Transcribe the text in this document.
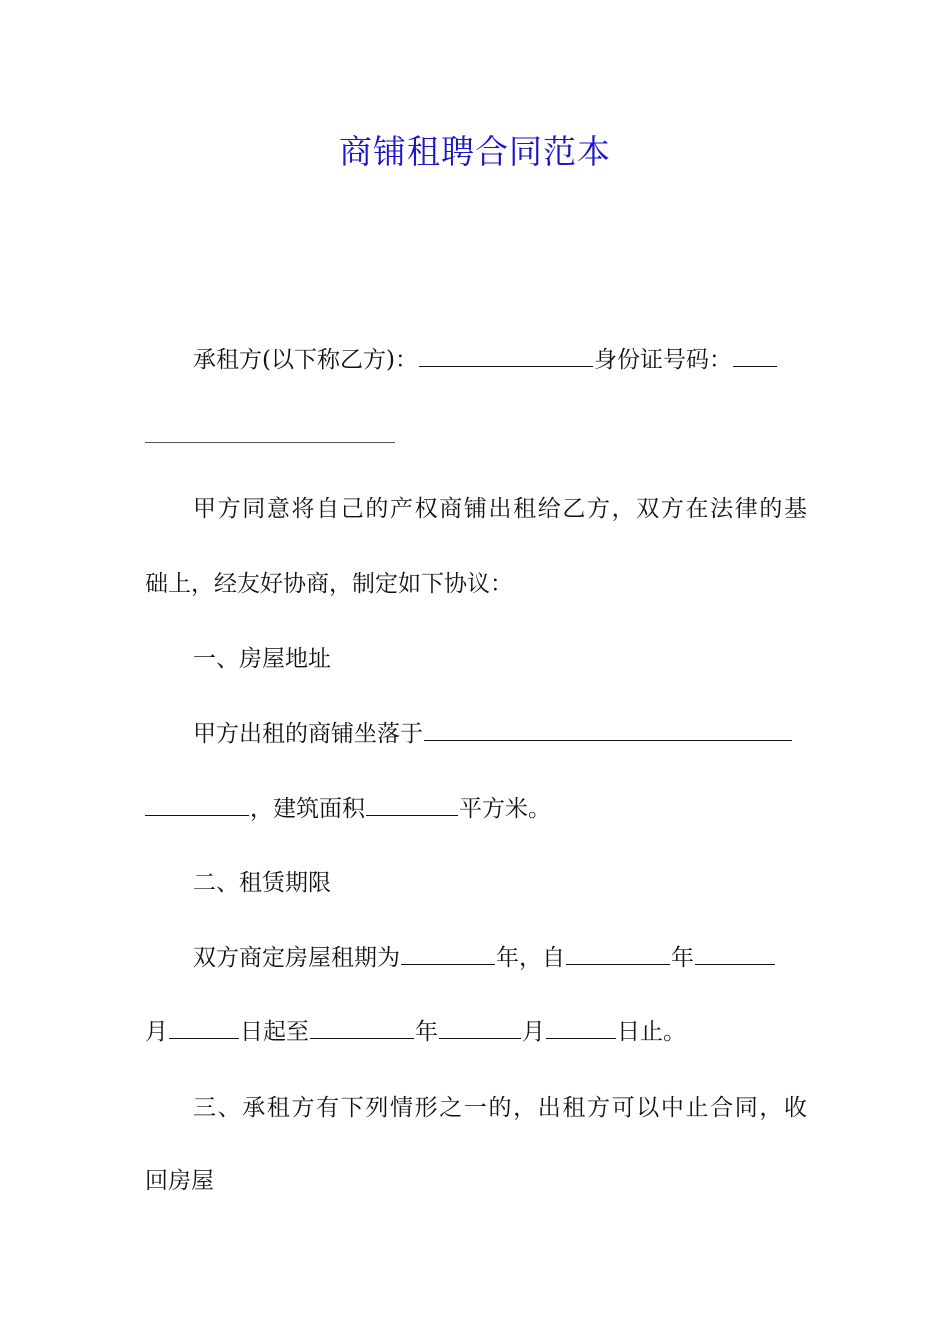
商铺租聘合同范本
承租方(以下称乙方)：	身份证号码：
甲方同意将自己的产权商铺出租给乙方，双方在法律的基
础上，经友好协商，制定如下协议：
一、房屋地址
甲方出租的商铺坐落于
，建筑面积	平方米。
二、租赁期限
双方商定房屋租期为	年，自	年
月	日起至	年	月	日止。
三、承租方有下列情形之一的，出租方可以中止合同，收
回房屋
